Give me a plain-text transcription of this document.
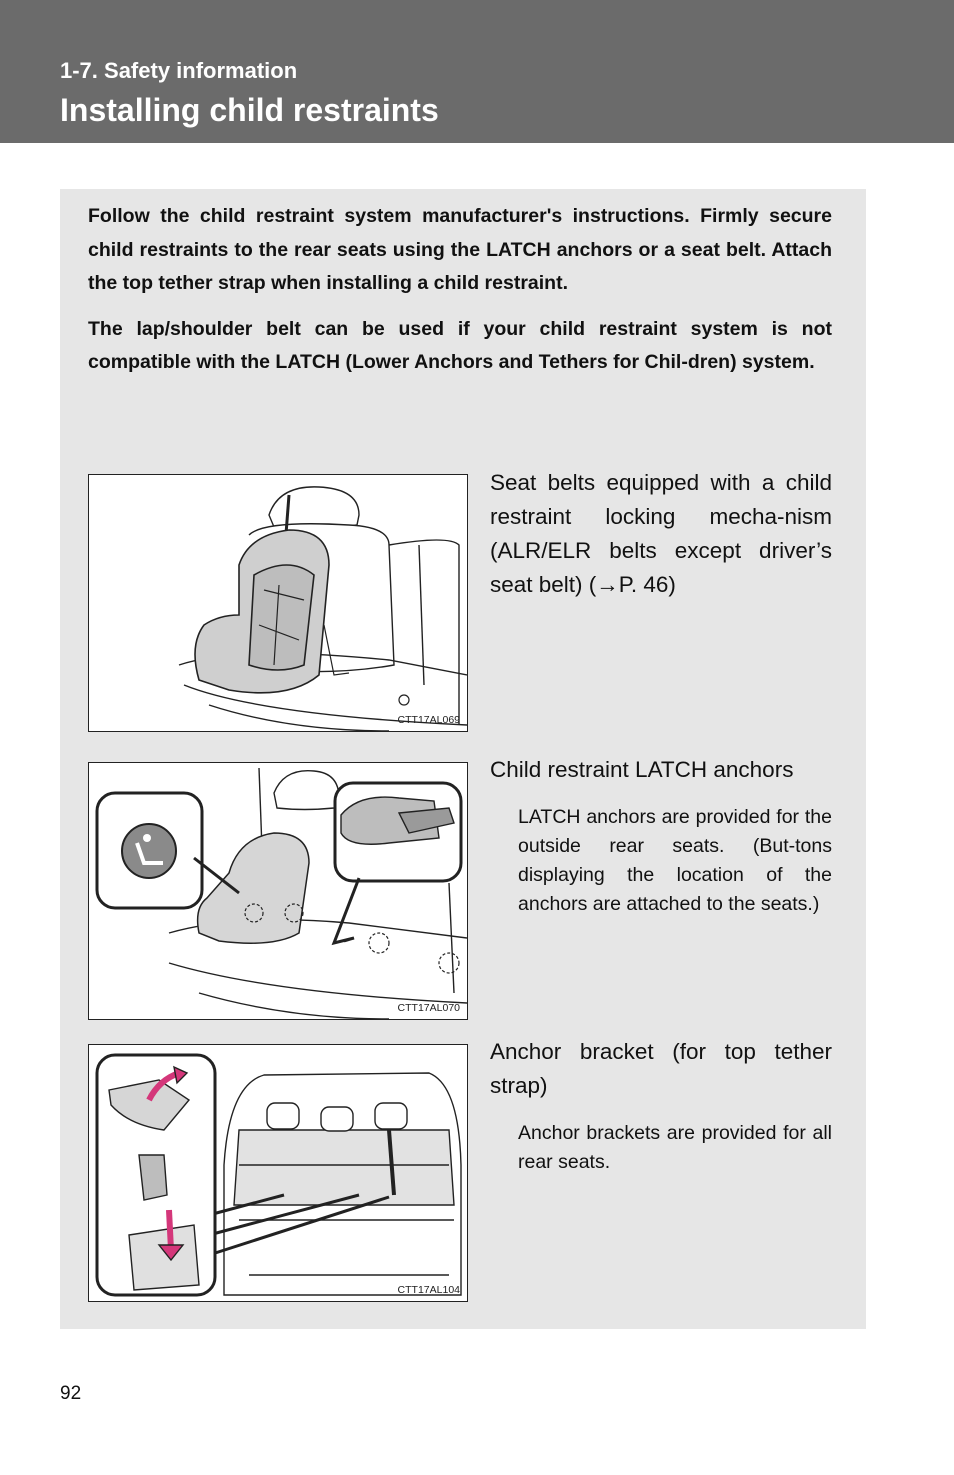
1-7. Safety information
Installing child restraints

Follow the child restraint system manufacturer's instructions. Firmly secure child restraints to the rear seats using the LATCH anchors or a seat belt. Attach the top tether strap when installing a child restraint.

The lap/shoulder belt can be used if your child restraint system is not compatible with the LATCH (Lower Anchors and Tethers for Chil-dren) system.

CTT17AL069
Seat belts equipped with a child restraint locking mecha-nism (ALR/ELR belts except driver’s seat belt) (→P. 46)
CTT17AL070
Child restraint LATCH anchors
LATCH anchors are provided for the outside rear seats. (But-tons displaying the location of the anchors are attached to the seats.)
CTT17AL104
Anchor bracket (for top tether strap)
Anchor brackets are provided for all rear seats.
92
